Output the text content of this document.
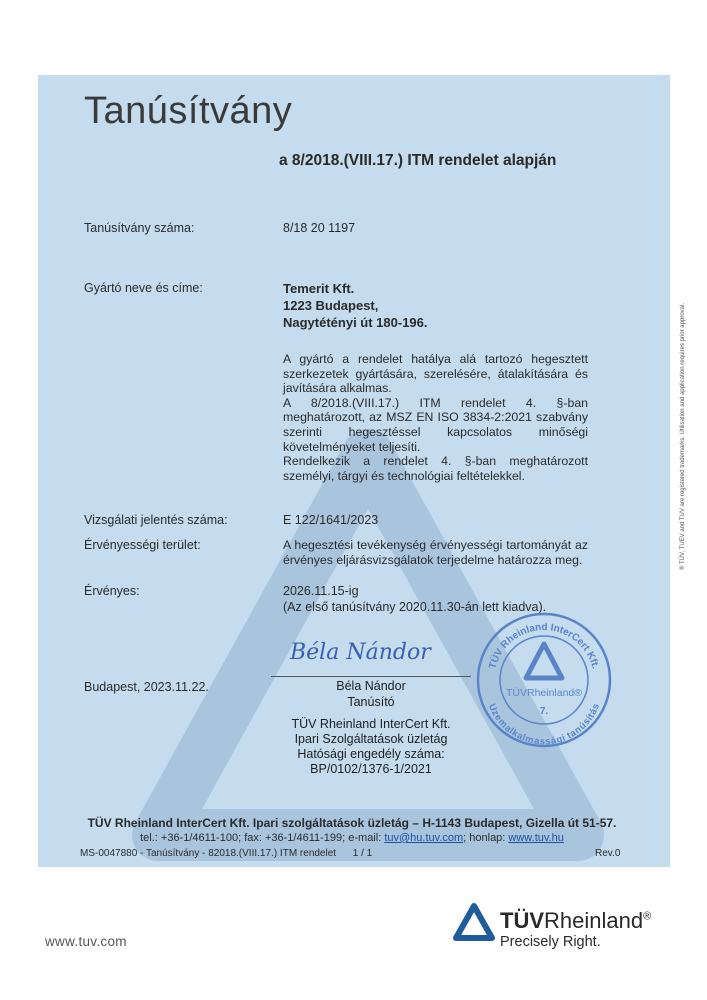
Tanúsítvány
a 8/2018.(VIII.17.) ITM rendelet alapján
Tanúsítvány száma:	8/18 20 1197
Gyártó neve és címe:	Temerit Kft.
1223 Budapest,
Nagytétényi út 180-196.

A gyártó a rendelet hatálya alá tartozó hegesztett szerkezetek gyártására, szerelésére, átalakítására és javítására alkalmas.

A 8/2018.(VIII.17.) ITM rendelet 4. §-ban meghatározott, az MSZ EN ISO 3834-2:2021 szabvány szerinti hegesztéssel kapcsolatos minőségi követelményeket teljesíti.

Rendelkezik a rendelet 4. §-ban meghatározott személyi, tárgyi és technológiai feltételekkel.

Vizsgálati jelentés száma:	E 122/1641/2023
Érvényességi terület:	A hegesztési tevékenység érvényességi tartományát az érvényes eljárásvizsgálatok terjedelme határozza meg.
Érvényes:	2026.11.15-ig
(Az első tanúsítvány 2020.11.30-án lett kiadva).
Béla Nándor
Budapest, 2023.11.22.	Béla Nándor
Tanúsító
TÜV Rheinland InterCert Kft.
Ipari Szolgáltatások üzletág
Hatósági engedély száma:
BP/0102/1376-1/2021
TÜV Rheinland InterCert Kft.
Uzemalkalmassági tanúsítás
TÜVRheinland®
7.
TÜV Rheinland InterCert Kft. Ipari szolgáltatások üzletág – H-1143 Budapest, Gizella út 51-57.
tel.: +36-1/4611-100; fax: +36-1/4611-199; e-mail: tuv@hu.tuv.com; honlap: www.tuv.hu
MS-0047880 - Tanúsítvány - 82018.(VIII.17.) ITM rendelet      1 / 1	Rev.0
® TÜV, TUEV and TUV are registered trademarks. Utilisation and application requires prior approval.
TÜVRheinland®
Precisely Right.
www.tuv.com
